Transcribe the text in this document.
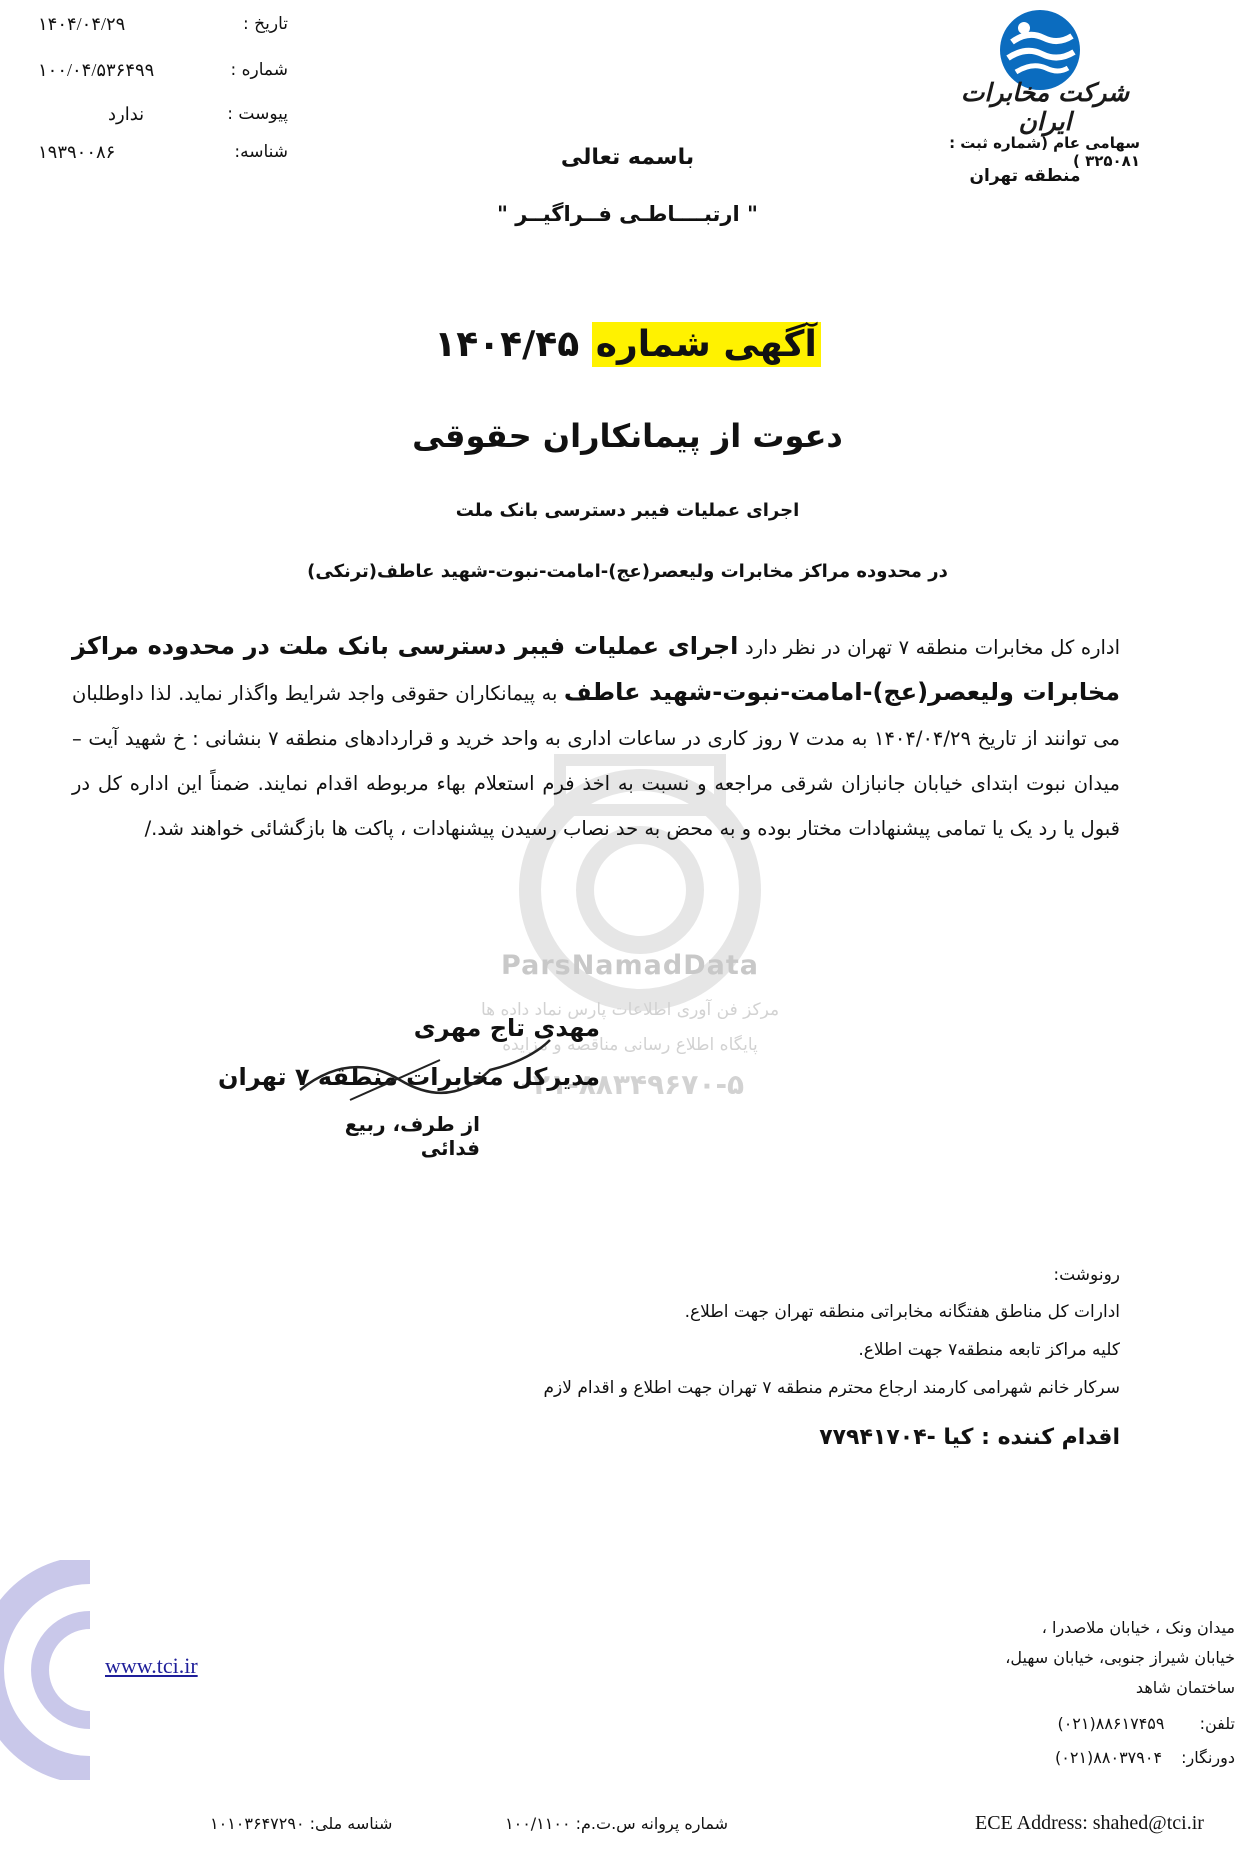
شرکت مخابرات ایران
سهامی عام (شماره ثبت : ۳۲۵۰۸۱ )
منطقه تهران
تاریخ :
۱۴۰۴/۰۴/۲۹
شماره :
۱۰۰/۰۴/۵۳۶۴۹۹
پیوست :
ندارد
شناسه:
۱۹۳۹۰۰۸۶	باسمه تعالی
" ارتبــــاطـی فــراگیــر "
آگهی شماره ۱۴۰۴/۴۵
دعوت از پیمانکاران حقوقی
اجرای عملیات فیبر دسترسی بانک ملت
در محدوده مراکز مخابرات ولیعصر(عج)-امامت-نبوت-شهید عاطف(ترنکی)
ParsNamadData
مرکز فن آوری اطلاعات پارس نماد داده ها
پایگاه اطلاع رسانی مناقصه و مزایده
۰۲۱-۸۸۳۴۹۶۷۰-۵
اداره کل مخابرات منطقه ۷ تهران در نظر دارد اجرای عملیات فیبر دسترسی بانک ملت در محدوده مراکز مخابرات ولیعصر(عج)-امامت-نبوت-شهید عاطف به پیمانکاران حقوقی واجد شرایط واگذار نماید. لذا داوطلبان می توانند از تاریخ ۱۴۰۴/۰۴/۲۹ به مدت ۷ روز کاری در ساعات اداری به واحد خرید و قراردادهای منطقه ۷ بنشانی : خ شهید آیت – میدان نبوت ابتدای خیابان جانبازان شرقی مراجعه و نسبت به اخذ فرم استعلام بهاء مربوطه اقدام نمایند. ضمناً این اداره کل در قبول یا رد یک یا تمامی پیشنهادات مختار بوده و به محض به حد نصاب رسیدن پیشنهادات ، پاکت ها بازگشائی خواهند شد./
مهدی تاج مهری
مدیرکل مخابرات منطقه ۷ تهران
از طرف، ربیع فدائی
رونوشت:
ادارات کل مناطق هفتگانه مخابراتی منطقه تهران جهت اطلاع.
کلیه مراکز تابعه منطقه۷ جهت اطلاع.
سرکار خانم شهرامی کارمند ارجاع محترم منطقه ۷ تهران جهت اطلاع و اقدام لازم
اقدام کننده : کیا -۷۷۹۴۱۷۰۴
www.tci.ir
میدان ونک ، خیابان ملاصدرا ،
خیابان شیراز جنوبی، خیابان سهیل،
ساختمان شاهد
تلفن: (۰۲۱)۸۸۶۱۷۴۵۹
دورنگار: (۰۲۱)۸۸۰۳۷۹۰۴
شناسه ملی: ۱۰۱۰۳۶۴۷۲۹۰	شماره پروانه س.ت.م: ۱۰۰/۱۱۰۰	ECE Address: shahed@tci.ir
